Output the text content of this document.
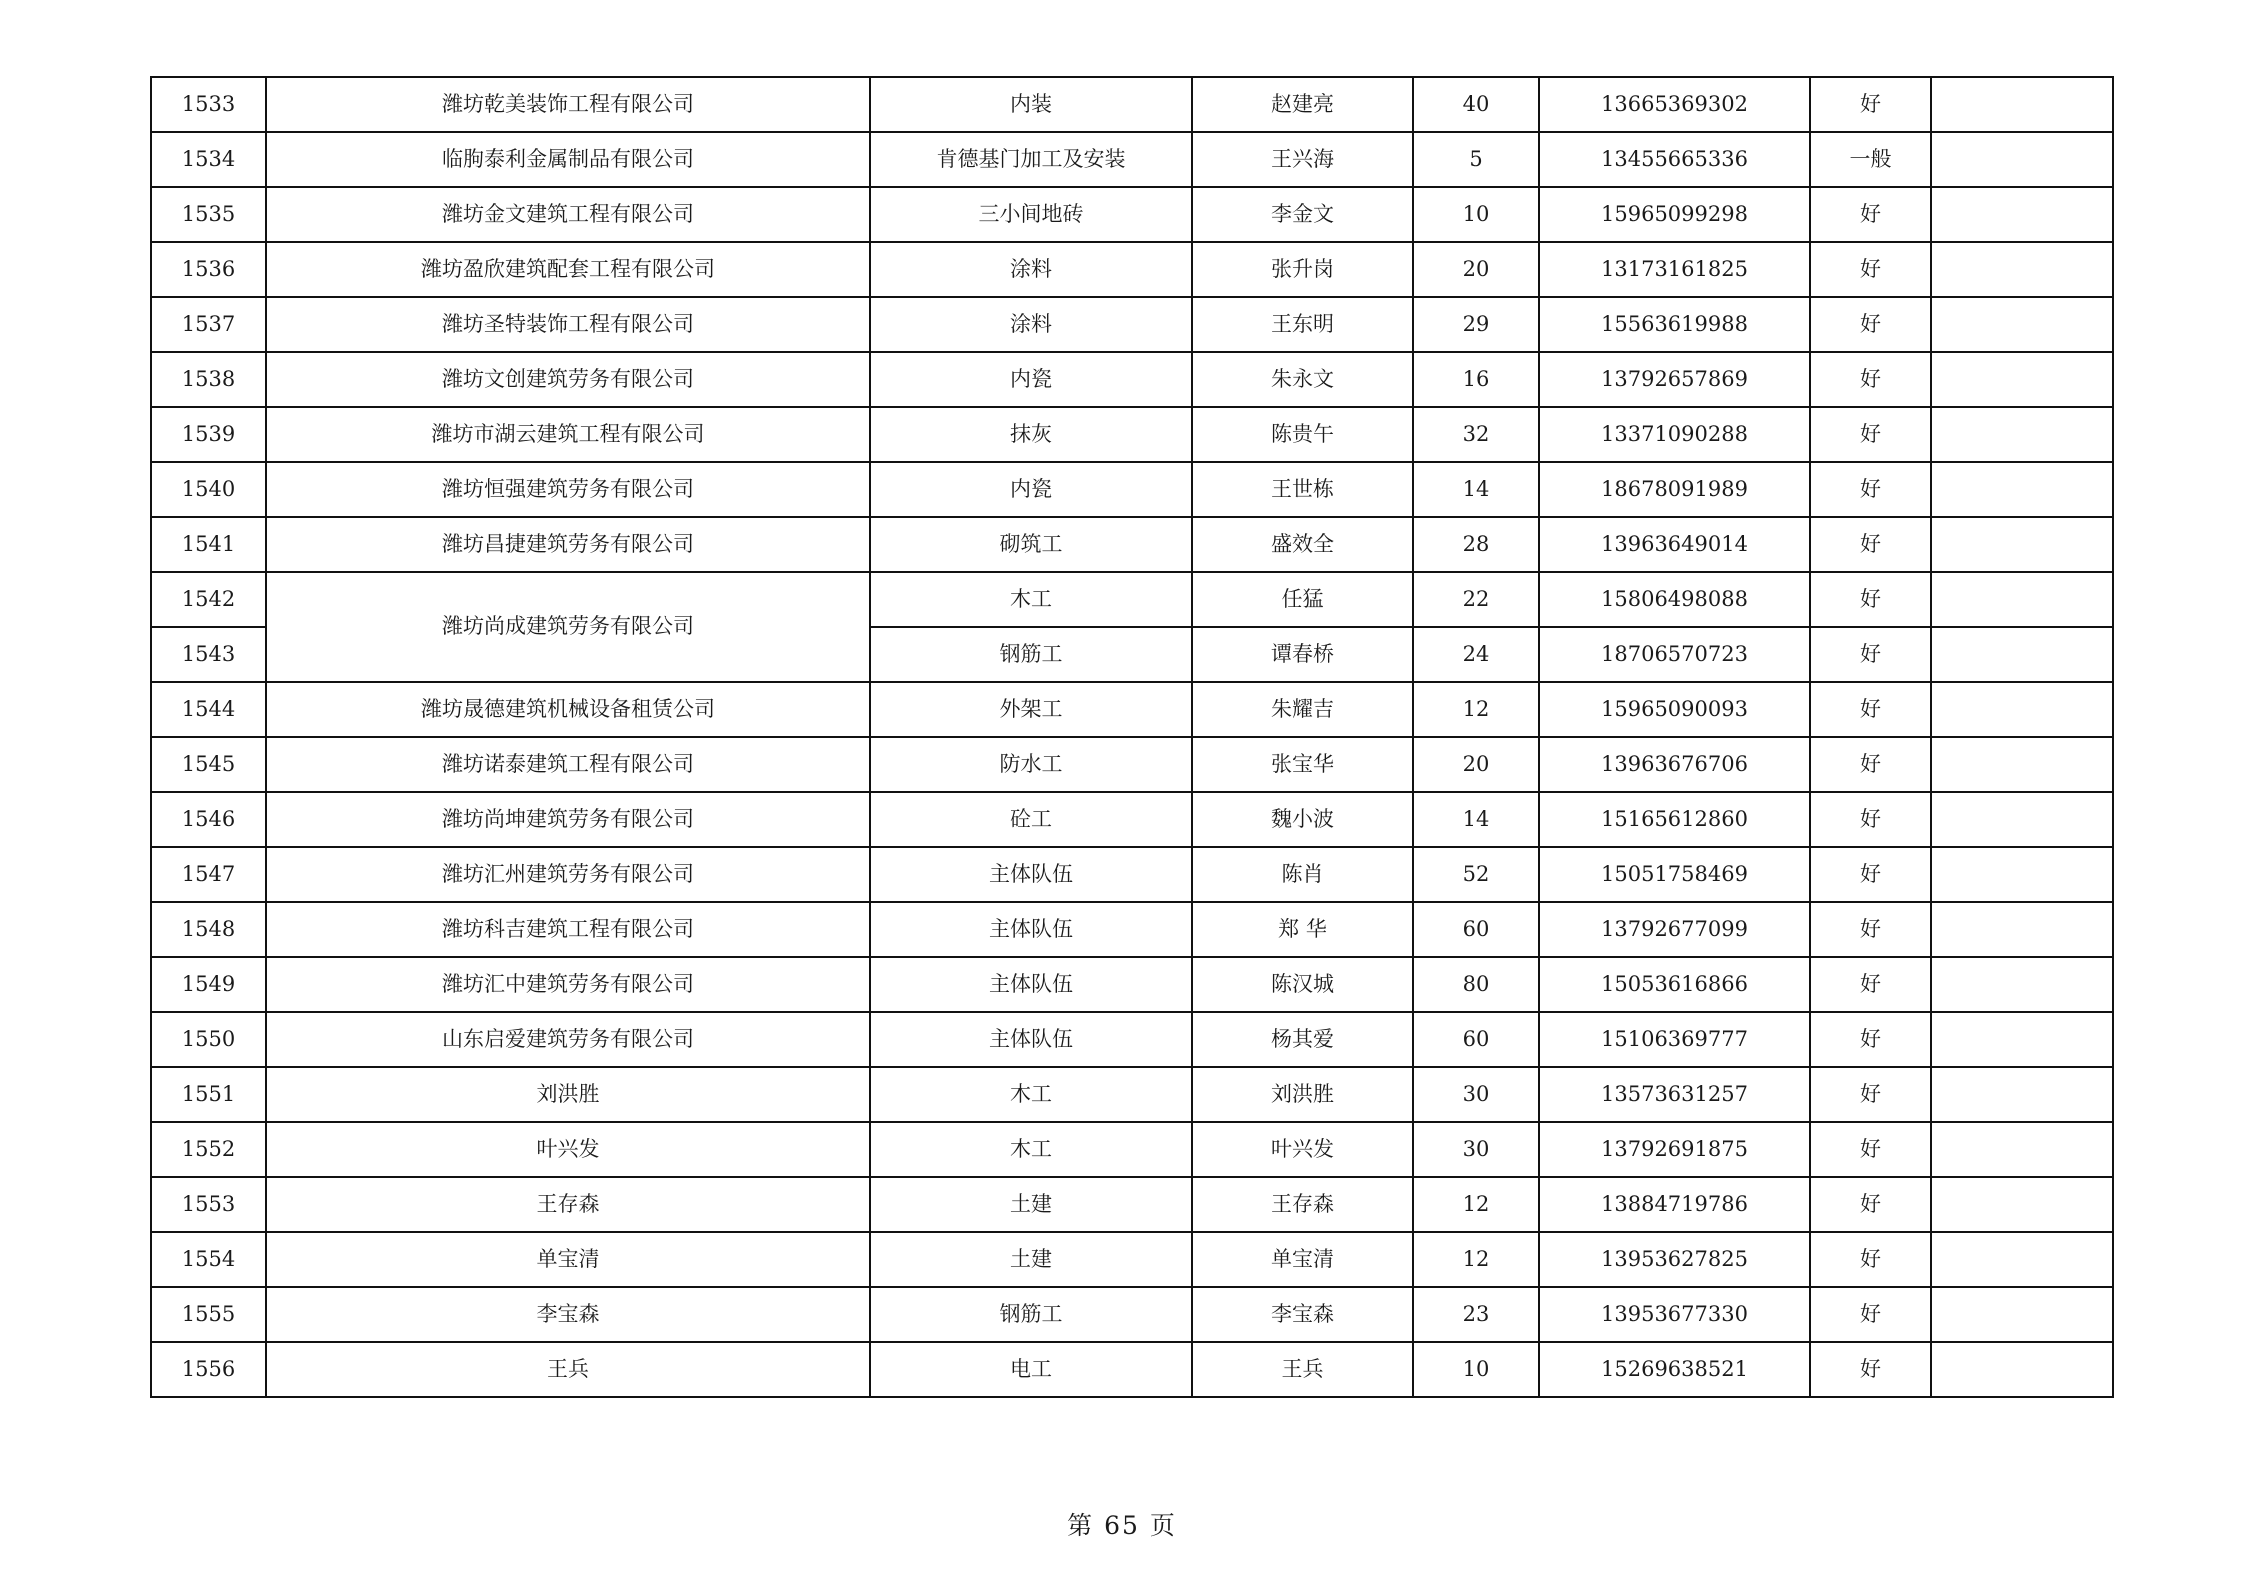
1533	潍坊乾美装饰工程有限公司	内装	赵建亮	40	13665369302	好	
1534	临朐泰利金属制品有限公司	肯德基门加工及安装	王兴海	5	13455665336	一般	
1535	潍坊金文建筑工程有限公司	三小间地砖	李金文	10	15965099298	好	
1536	潍坊盈欣建筑配套工程有限公司	涂料	张升岗	20	13173161825	好	
1537	潍坊圣特装饰工程有限公司	涂料	王东明	29	15563619988	好	
1538	潍坊文创建筑劳务有限公司	内瓷	朱永文	16	13792657869	好	
1539	潍坊市湖云建筑工程有限公司	抹灰	陈贵午	32	13371090288	好	
1540	潍坊恒强建筑劳务有限公司	内瓷	王世栋	14	18678091989	好	
1541	潍坊昌捷建筑劳务有限公司	砌筑工	盛效全	28	13963649014	好	
1542	潍坊尚成建筑劳务有限公司	木工	任猛	22	15806498088	好	
1543		钢筋工	谭春桥	24	18706570723	好	
1544	潍坊晟德建筑机械设备租赁公司	外架工	朱耀吉	12	15965090093	好	
1545	潍坊诺泰建筑工程有限公司	防水工	张宝华	20	13963676706	好	
1546	潍坊尚坤建筑劳务有限公司	砼工	魏小波	14	15165612860	好	
1547	潍坊汇州建筑劳务有限公司	主体队伍	陈肖	52	15051758469	好	
1548	潍坊科吉建筑工程有限公司	主体队伍	郑 华	60	13792677099	好	
1549	潍坊汇中建筑劳务有限公司	主体队伍	陈汉城	80	15053616866	好	
1550	山东启爱建筑劳务有限公司	主体队伍	杨其爱	60	15106369777	好	
1551	刘洪胜	木工	刘洪胜	30	13573631257	好	
1552	叶兴发	木工	叶兴发	30	13792691875	好	
1553	王存森	土建	王存森	12	13884719786	好	
1554	单宝清	土建	单宝清	12	13953627825	好	
1555	李宝森	钢筋工	李宝森	23	13953677330	好	
1556	王兵	电工	王兵	10	15269638521	好	
第 65 页
